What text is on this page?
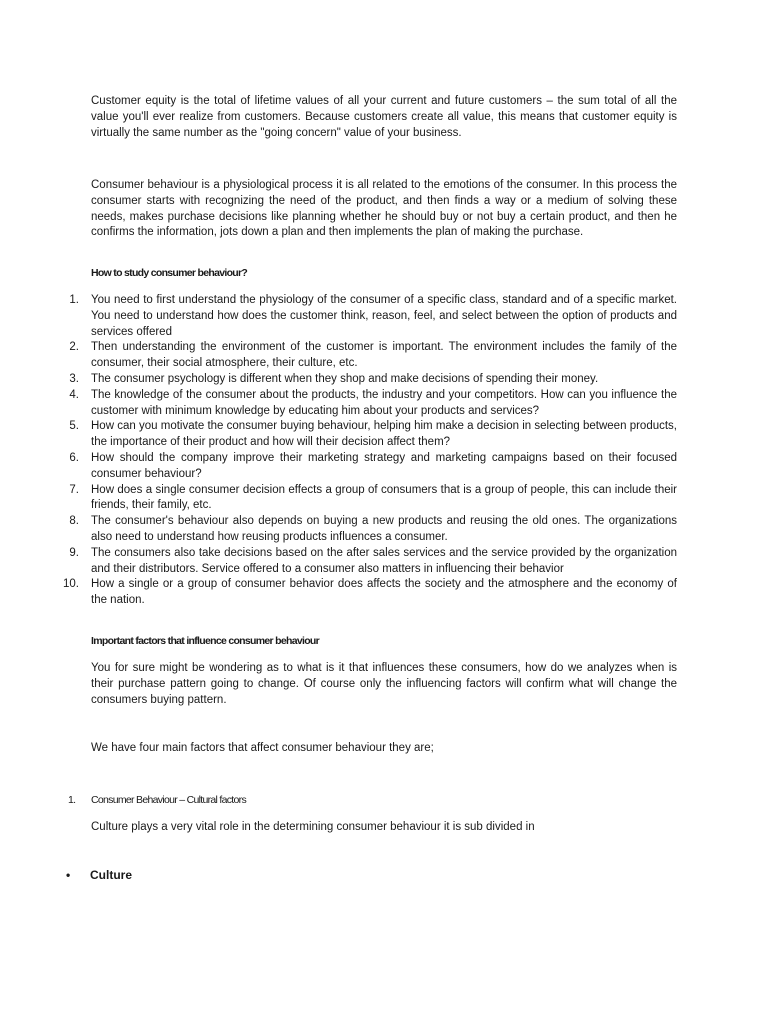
Customer equity is the total of lifetime values of all your current and future customers – the sum total of all the value you'll ever realize from customers. Because customers create all value, this means that customer equity is virtually the same number as the "going concern" value of your business.

Consumer behaviour is a physiological process it is all related to the emotions of the consumer. In this process the consumer starts with recognizing the need of the product, and then finds a way or a medium of solving these needs, makes purchase decisions like planning whether he should buy or not buy a certain product, and then he confirms the information, jots down a plan and then implements the plan of making the purchase.

How to study consumer behaviour?

1. You need to first understand the physiology of the consumer of a specific class, standard and of a specific market. You need to understand how does the customer think, reason, feel, and select between the option of products and services offered
2. Then understanding the environment of the customer is important. The environment includes the family of the consumer, their social atmosphere, their culture, etc.
3. The consumer psychology is different when they shop and make decisions of spending their money.
4. The knowledge of the consumer about the products, the industry and your competitors. How can you influence the customer with minimum knowledge by educating him about your products and services?
5. How can you motivate the consumer buying behaviour, helping him make a decision in selecting between products, the importance of their product and how will their decision affect them?
6. How should the company improve their marketing strategy and marketing campaigns based on their focused consumer behaviour?
7. How does a single consumer decision effects a group of consumers that is a group of people, this can include their friends, their family, etc.
8. The consumer's behaviour also depends on buying a new products and reusing the old ones. The organizations also need to understand how reusing products influences a consumer.
9. The consumers also take decisions based on the after sales services and the service provided by the organization and their distributors. Service offered to a consumer also matters in influencing their behavior
10. How a single or a group of consumer behavior does affects the society and the atmosphere and the economy of the nation.

Important factors that influence consumer behaviour

You for sure might be wondering as to what is it that influences these consumers, how do we analyzes when is their purchase pattern going to change. Of course only the influencing factors will confirm what will change the consumers buying pattern.

We have four main factors that affect consumer behaviour they are;

1. Consumer Behaviour – Cultural factors

Culture plays a very vital role in the determining consumer behaviour it is sub divided in

• Culture
